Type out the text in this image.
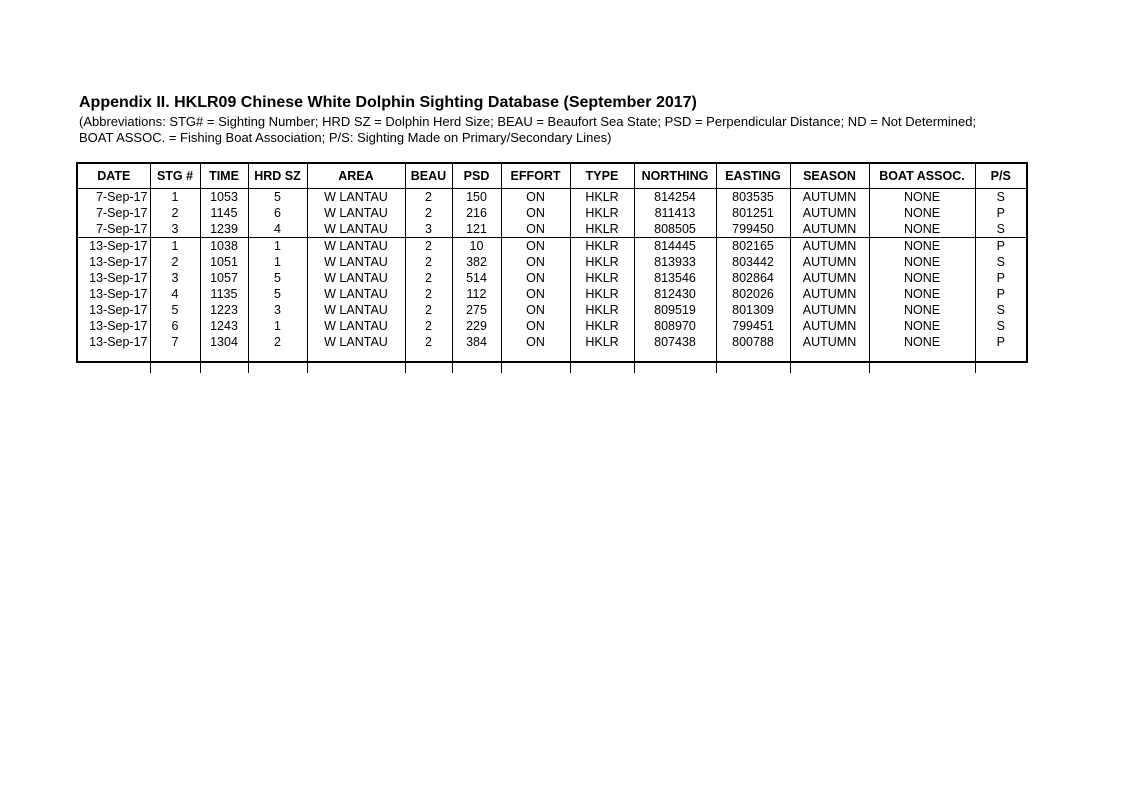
Appendix II. HKLR09 Chinese White Dolphin Sighting Database (September 2017)
(Abbreviations: STG# = Sighting Number; HRD SZ = Dolphin Herd Size; BEAU = Beaufort Sea State; PSD = Perpendicular Distance; ND = Not Determined;
BOAT ASSOC. = Fishing Boat Association; P/S: Sighting Made on Primary/Secondary Lines)
DATE	STG #	TIME	HRD SZ	AREA	BEAU	PSD	EFFORT	TYPE	NORTHING	EASTING	SEASON	BOAT ASSOC.	P/S
7-Sep-17	1	1053	5	W LANTAU	2	150	ON	HKLR	814254	803535	AUTUMN	NONE	S
7-Sep-17	2	1145	6	W LANTAU	2	216	ON	HKLR	811413	801251	AUTUMN	NONE	P
7-Sep-17	3	1239	4	W LANTAU	3	121	ON	HKLR	808505	799450	AUTUMN	NONE	S
13-Sep-17	1	1038	1	W LANTAU	2	10	ON	HKLR	814445	802165	AUTUMN	NONE	P
13-Sep-17	2	1051	1	W LANTAU	2	382	ON	HKLR	813933	803442	AUTUMN	NONE	S
13-Sep-17	3	1057	5	W LANTAU	2	514	ON	HKLR	813546	802864	AUTUMN	NONE	P
13-Sep-17	4	1135	5	W LANTAU	2	112	ON	HKLR	812430	802026	AUTUMN	NONE	P
13-Sep-17	5	1223	3	W LANTAU	2	275	ON	HKLR	809519	801309	AUTUMN	NONE	S
13-Sep-17	6	1243	1	W LANTAU	2	229	ON	HKLR	808970	799451	AUTUMN	NONE	S
13-Sep-17	7	1304	2	W LANTAU	2	384	ON	HKLR	807438	800788	AUTUMN	NONE	P
